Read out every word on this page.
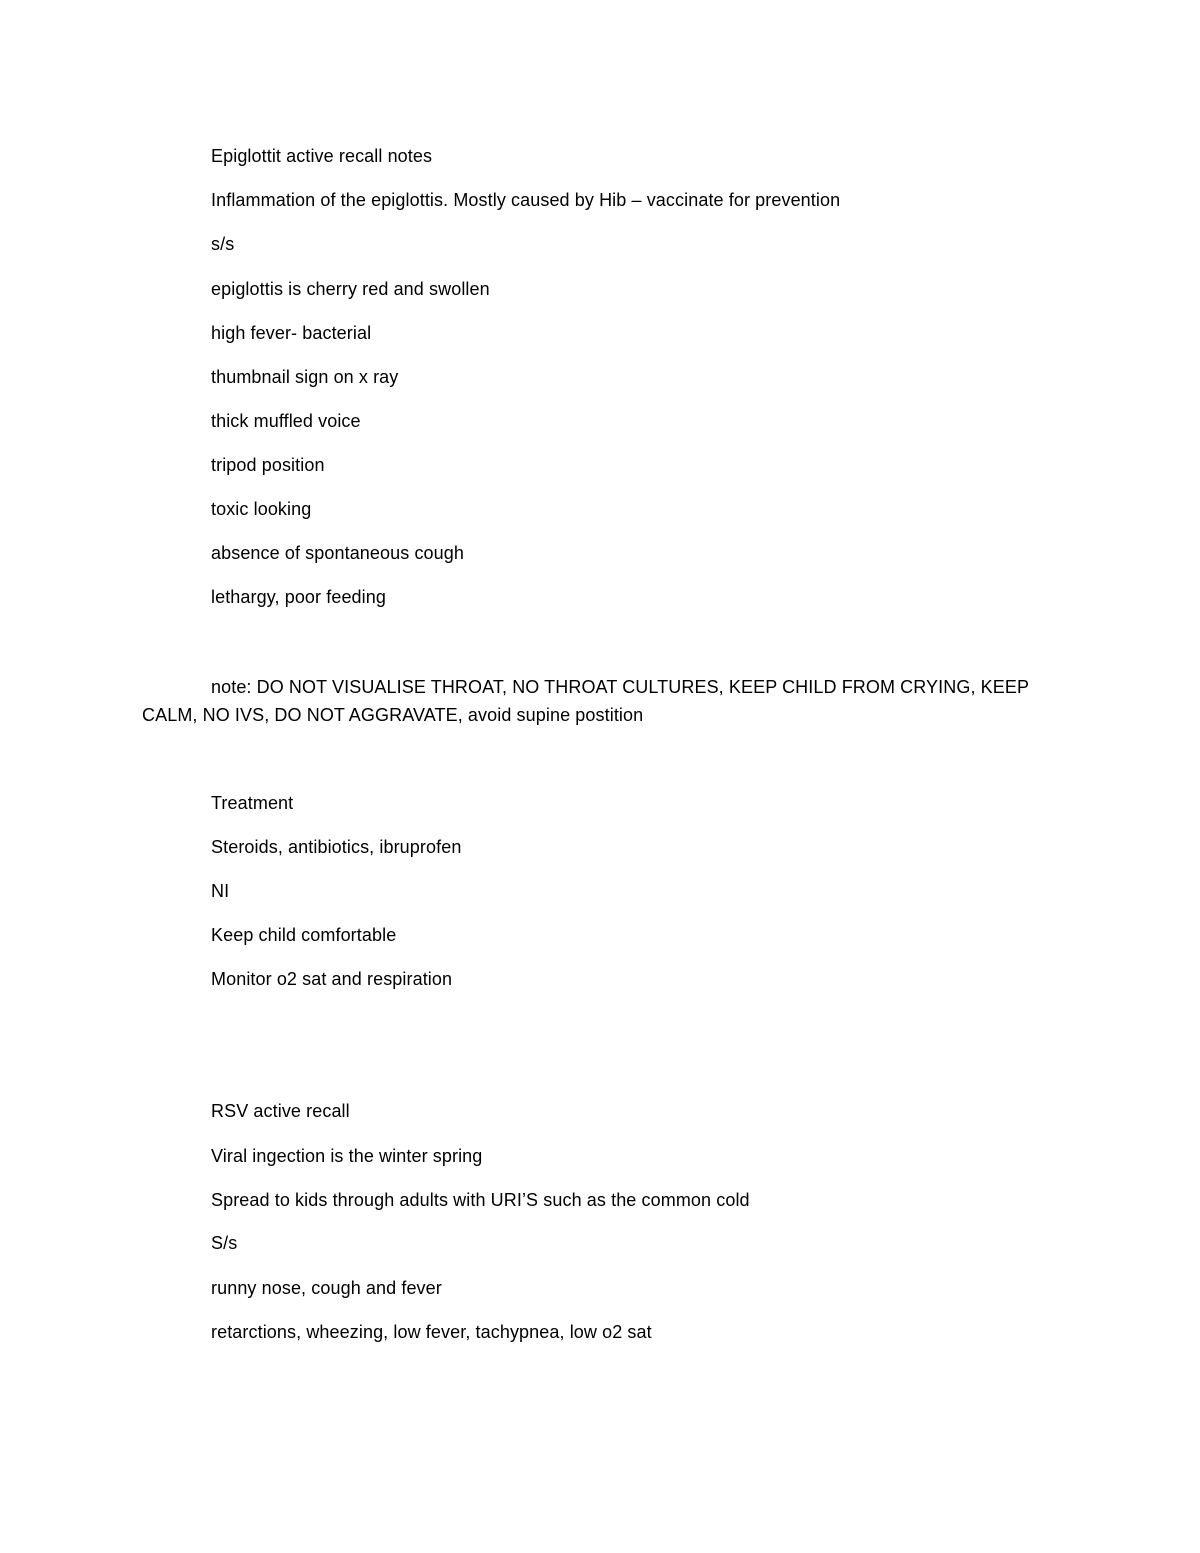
Epiglottit active recall notes
Inflammation of the epiglottis. Mostly caused by Hib – vaccinate for prevention
s/s
epiglottis is cherry red and swollen
high fever- bacterial
thumbnail sign on x ray
thick muffled voice
tripod position
toxic looking
absence of spontaneous cough
lethargy, poor feeding
note: DO NOT VISUALISE THROAT, NO THROAT CULTURES, KEEP CHILD FROM CRYING, KEEP CALM, NO IVS, DO NOT AGGRAVATE, avoid supine postition
Treatment
Steroids, antibiotics, ibruprofen
NI
Keep child comfortable
Monitor o2 sat and respiration
RSV active recall
Viral ingection is the winter spring
Spread to kids through adults with URI’S such as the common cold
S/s
runny nose, cough and fever
retarctions, wheezing, low fever, tachypnea, low o2 sat
